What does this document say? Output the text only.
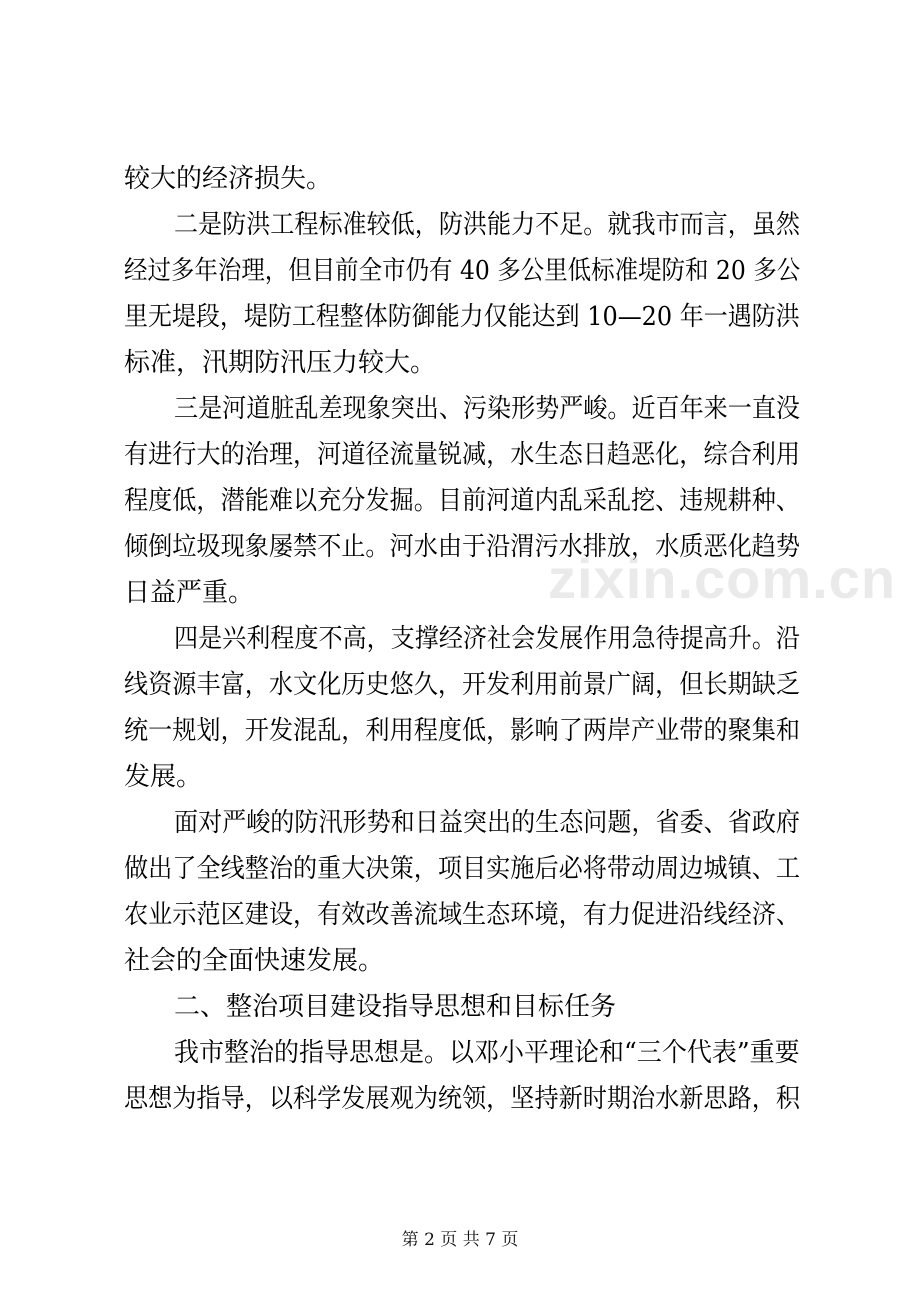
较大的经济损失。
二是防洪工程标准较低，防洪能力不足。就我市而言，虽然
经过多年治理，但目前全市仍有 40 多公里低标准堤防和 20 多公
里无堤段，堤防工程整体防御能力仅能达到 10—20 年一遇防洪
标准，汛期防汛压力较大。
三是河道脏乱差现象突出、污染形势严峻。近百年来一直没
有进行大的治理，河道径流量锐减，水生态日趋恶化，综合利用
程度低，潜能难以充分发掘。目前河道内乱采乱挖、违规耕种、
倾倒垃圾现象屡禁不止。河水由于沿渭污水排放，水质恶化趋势
日益严重。
四是兴利程度不高，支撑经济社会发展作用急待提高升。沿
线资源丰富，水文化历史悠久，开发利用前景广阔，但长期缺乏
统一规划，开发混乱，利用程度低，影响了两岸产业带的聚集和
发展。
面对严峻的防汛形势和日益突出的生态问题，省委、省政府
做出了全线整治的重大决策，项目实施后必将带动周边城镇、工
农业示范区建设，有效改善流域生态环境，有力促进沿线经济、
社会的全面快速发展。
二、整治项目建设指导思想和目标任务
我市整治的指导思想是。以邓小平理论和“三个代表”重要
思想为指导，以科学发展观为统领，坚持新时期治水新思路，积
zixin.com.cn
第 2 页 共 7 页
